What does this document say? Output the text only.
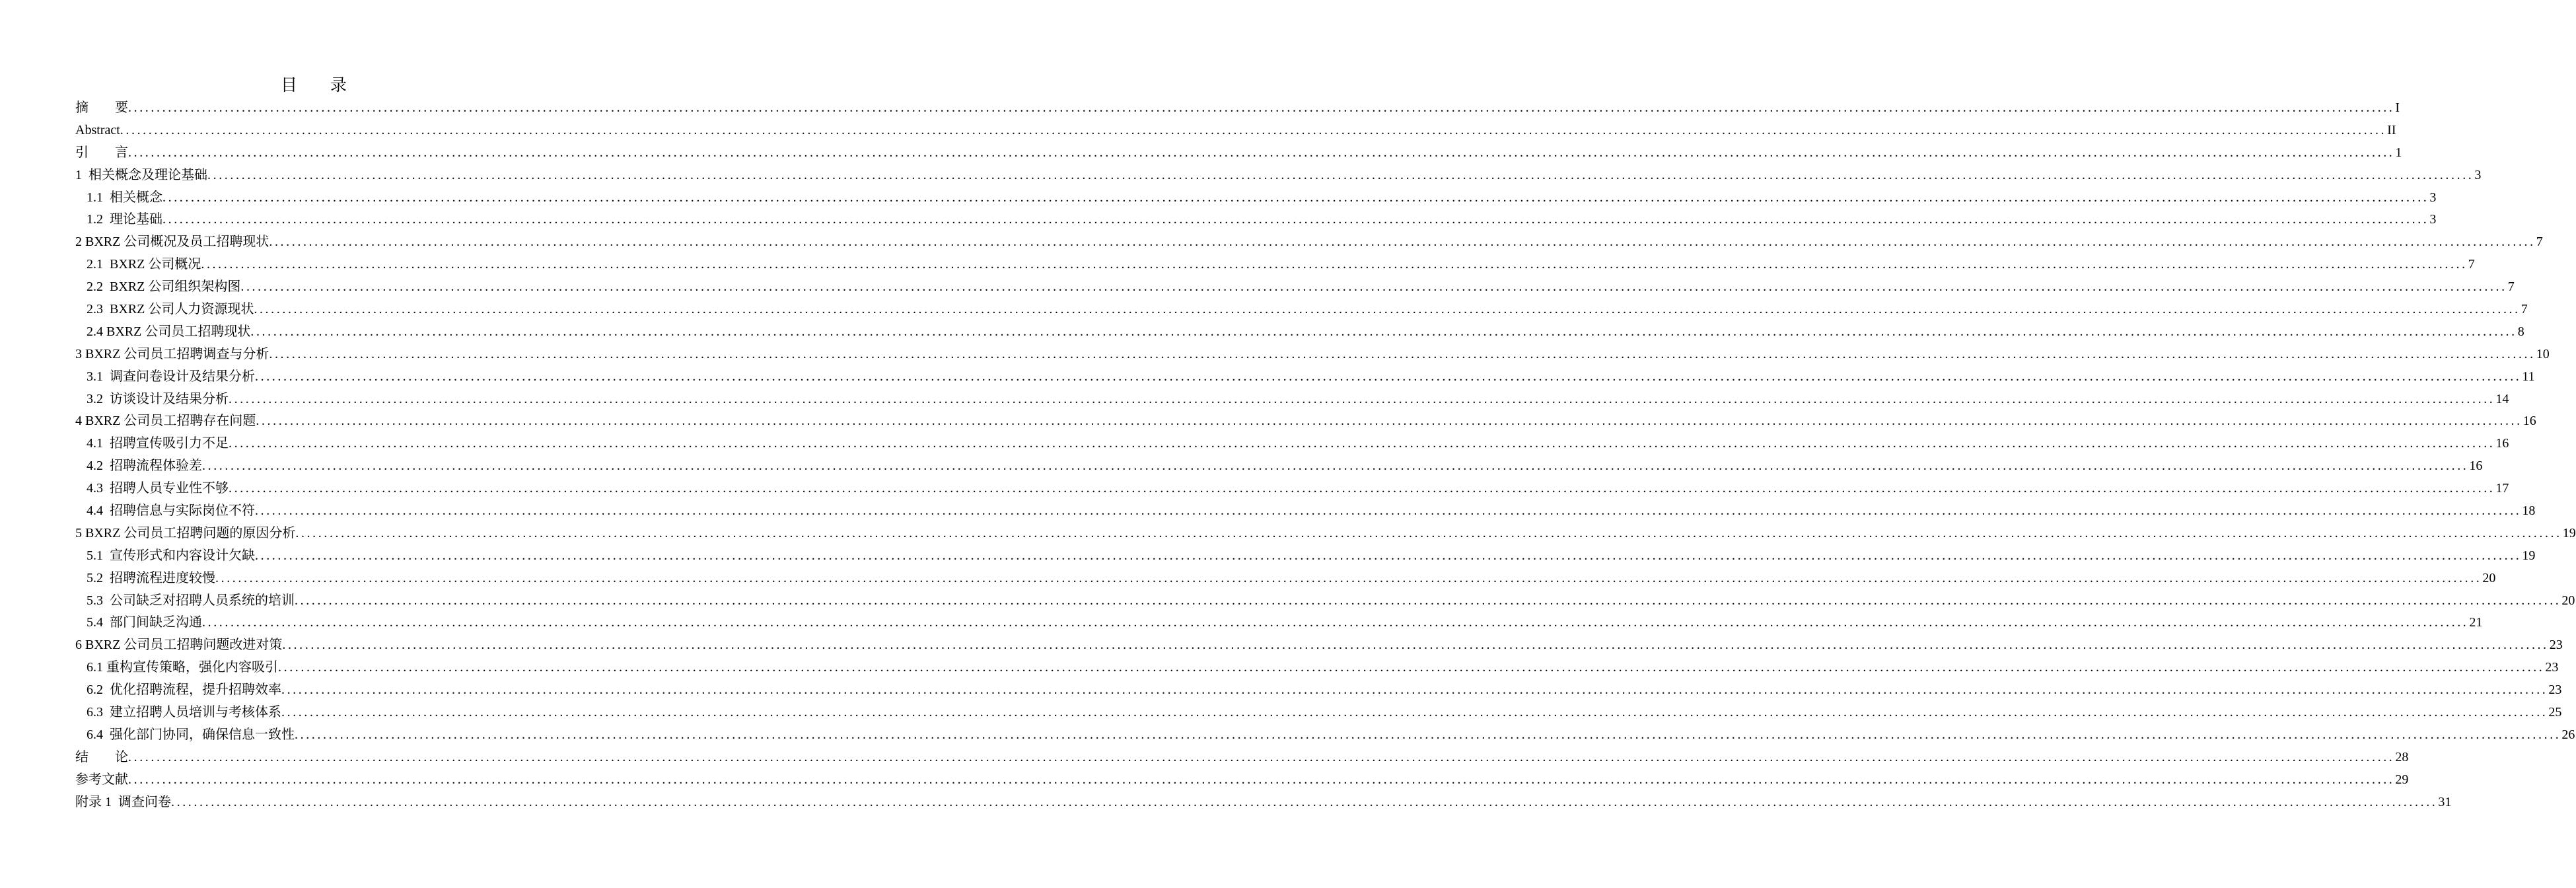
目　　录
摘　　要 ............................................................................................................................................................................................................................................................................................................................................................................................................... I
Abstract ............................................................................................................................................................................................................................................................................................................................................................................................................... II
引　　言 ............................................................................................................................................................................................................................................................................................................................................................................................................... 1
1  相关概念及理论基础 ............................................................................................................................................................................................................................................................................................................................................................................................................... 3
1.1  相关概念 ............................................................................................................................................................................................................................................................................................................................................................................................................... 3
1.2  理论基础 ............................................................................................................................................................................................................................................................................................................................................................................................................... 3
2 BXRZ 公司概况及员工招聘现状 ............................................................................................................................................................................................................................................................................................................................................................................................................... 7
2.1  BXRZ 公司概况 ............................................................................................................................................................................................................................................................................................................................................................................................................... 7
2.2  BXRZ 公司组织架构图 ............................................................................................................................................................................................................................................................................................................................................................................................................... 7
2.3  BXRZ 公司人力资源现状 ............................................................................................................................................................................................................................................................................................................................................................................................................... 7
2.4 BXRZ 公司员工招聘现状 ............................................................................................................................................................................................................................................................................................................................................................................................................... 8
3 BXRZ 公司员工招聘调查与分析 ............................................................................................................................................................................................................................................................................................................................................................................................................... 10
3.1  调查问卷设计及结果分析 ............................................................................................................................................................................................................................................................................................................................................................................................................... 11
3.2  访谈设计及结果分析 ............................................................................................................................................................................................................................................................................................................................................................................................................... 14
4 BXRZ 公司员工招聘存在问题 ............................................................................................................................................................................................................................................................................................................................................................................................................... 16
4.1  招聘宣传吸引力不足 ............................................................................................................................................................................................................................................................................................................................................................................................................... 16
4.2  招聘流程体验差 ............................................................................................................................................................................................................................................................................................................................................................................................................... 16
4.3  招聘人员专业性不够 ............................................................................................................................................................................................................................................................................................................................................................................................................... 17
4.4  招聘信息与实际岗位不符 ............................................................................................................................................................................................................................................................................................................................................................................................................... 18
5 BXRZ 公司员工招聘问题的原因分析 ............................................................................................................................................................................................................................................................................................................................................................................................................... 19
5.1  宣传形式和内容设计欠缺 ............................................................................................................................................................................................................................................................................................................................................................................................................... 19
5.2  招聘流程进度较慢 ............................................................................................................................................................................................................................................................................................................................................................................................................... 20
5.3  公司缺乏对招聘人员系统的培训 ............................................................................................................................................................................................................................................................................................................................................................................................................... 20
5.4  部门间缺乏沟通 ............................................................................................................................................................................................................................................................................................................................................................................................................... 21
6 BXRZ 公司员工招聘问题改进对策 ............................................................................................................................................................................................................................................................................................................................................................................................................... 23
6.1 重构宣传策略，强化内容吸引 ............................................................................................................................................................................................................................................................................................................................................................................................................... 23
6.2  优化招聘流程，提升招聘效率 ............................................................................................................................................................................................................................................................................................................................................................................................................... 23
6.3  建立招聘人员培训与考核体系 ............................................................................................................................................................................................................................................................................................................................................................................................................... 25
6.4  强化部门协同，确保信息一致性 ............................................................................................................................................................................................................................................................................................................................................................................................................... 26
结　　论 ............................................................................................................................................................................................................................................................................................................................................................................................................... 28
参考文献 ............................................................................................................................................................................................................................................................................................................................................................................................................... 29
附录 1  调查问卷 ............................................................................................................................................................................................................................................................................................................................................................................................................... 31
